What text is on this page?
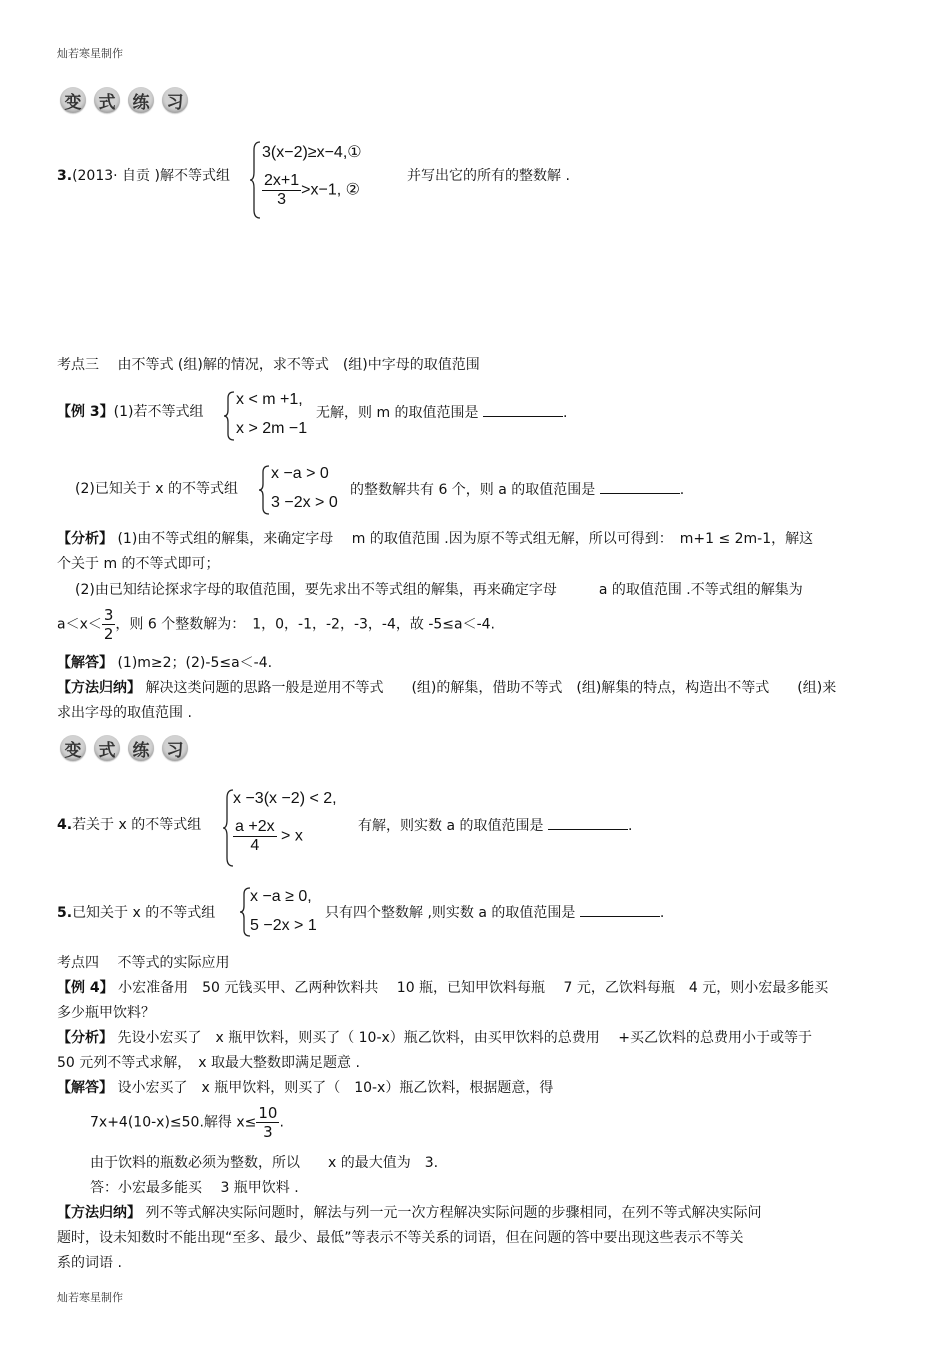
灿若寒星制作
变 式 练 习
3.(2013· 自贡 )解不等式组
3(x−2)≥x−4,①
$\frac{2x+1}{3} >x-1$, ②
并写出它的所有的整数解 .
考点三　 由不等式 (组)解的情况，求不等式　(组)中字母的取值范围
【例 3】(1)若不等式组
x < m +1,
x > 2m −1
无解，则 m 的取值范围是	.
(2)已知关于 x 的不等式组
x −a > 0
3 −2x > 0
的整数解共有 6 个，则 a 的取值范围是	.
【分析】 (1)由不等式组的解集，来确定字母　 m 的取值范围 .因为原不等式组无解，所以可得到：　m+1 ≤ 2m-1，解这
个关于 m 的不等式即可；
(2)由已知结论探求字母的取值范围，要先求出不等式组的解集，再来确定字母　　　a 的取值范围 .不等式组的解集为
$a<x< \frac{3}{2}$ ，则 6 个整数解为：　1，0，-1，-2，-3，-4，故 -5≤a＜-4.
【解答】 (1)m≥2；(2)-5≤a＜-4.
【方法归纳】 解决这类问题的思路一般是逆用不等式　　(组)的解集，借助不等式　(组)解集的特点，构造出不等式　　(组)来
求出字母的取值范围 .
变 式 练 习
4.若关于 x 的不等式组
x −3(x −2) < 2,
$\frac{a +2x}{4} > x$
有解，则实数 a 的取值范围是	.
5.已知关于 x 的不等式组
x −a ≥ 0,
5 −2x > 1
只有四个整数解 ,则实数 a 的取值范围是	.
考点四　 不等式的实际应用
【例 4】 小宏准备用　50 元钱买甲、乙两种饮料共　 10 瓶，已知甲饮料每瓶　 7 元，乙饮料每瓶　4 元，则小宏最多能买
多少瓶甲饮料？
【分析】 先设小宏买了　x 瓶甲饮料，则买了（ 10-x）瓶乙饮料，由买甲饮料的总费用　 +买乙饮料的总费用小于或等于
50 元列不等式求解，　x 取最大整数即满足题意 .
【解答】 设小宏买了　x 瓶甲饮料，则买了（　10-x）瓶乙饮料，根据题意，得
7x+4(10-x)≤50.解得 $x\le \frac{10}{3}$ .
由于饮料的瓶数必须为整数，所以　　x 的最大值为　3.
答：小宏最多能买　 3 瓶甲饮料 .
【方法归纳】 列不等式解决实际问题时，解法与列一元一次方程解决实际问题的步骤相同，在列不等式解决实际问
题时，设未知数时不能出现“至多、最少、最低”等表示不等关系的词语，但在问题的答中要出现这些表示不等关
系的词语 .
灿若寒星制作
